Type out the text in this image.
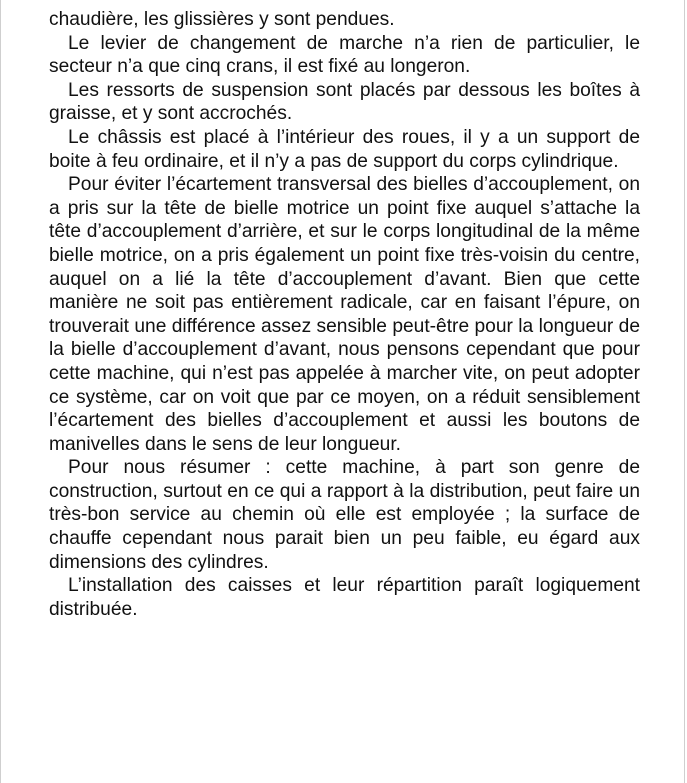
chaudière, les glissières y sont pendues.

Le levier de changement de marche n’a rien de particulier, le secteur n’a que cinq crans, il est fixé au longeron.

Les ressorts de suspension sont placés par dessous les boîtes à graisse, et y sont accrochés.

Le châssis est placé à l’intérieur des roues, il y a un support de boite à feu ordinaire, et il n’y a pas de support du corps cylindrique.

Pour éviter l’écartement transversal des bielles d’accouplement, on a pris sur la tête de bielle motrice un point fixe auquel s’attache la tête d’accouplement d’arrière, et sur le corps longitudinal de la même bielle motrice, on a pris également un point fixe très-voisin du centre, auquel on a lié la tête d’accouplement d’avant. Bien que cette manière ne soit pas entièrement radicale, car en faisant l’épure, on trouverait une différence assez sensible peut-être pour la longueur de la bielle d’accouplement d’avant, nous pensons cependant que pour cette machine, qui n’est pas appelée à marcher vite, on peut adopter ce système, car on voit que par ce moyen, on a réduit sensiblement l’écartement des bielles d’accouplement et aussi les boutons de manivelles dans le sens de leur longueur.

Pour nous résumer : cette machine, à part son genre de construction, surtout en ce qui a rapport à la distribution, peut faire un très-bon service au chemin où elle est employée ; la surface de chauffe cependant nous parait bien un peu faible, eu égard aux dimensions des cylindres.

L’installation des caisses et leur répartition paraît logiquement distribuée.
